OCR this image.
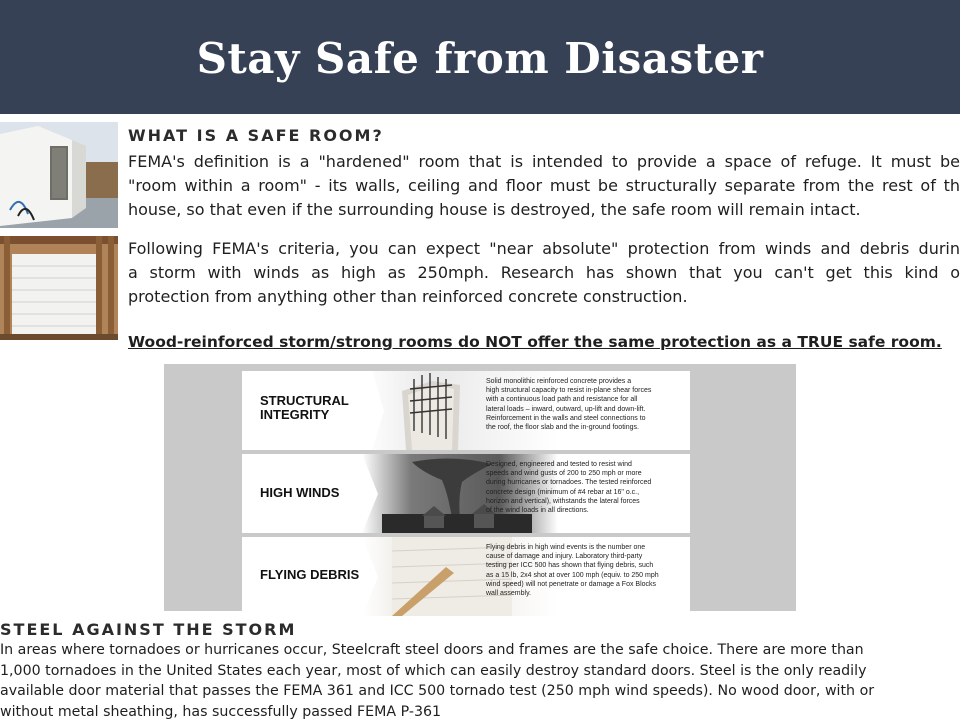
Stay Safe from Disaster
WHAT IS A SAFE ROOM?
FEMA's definition is a "hardened" room that is intended to provide a space of refuge. It must be
"room within a room" - its walls, ceiling and floor must be structurally separate from the rest of th
house, so that even if the surrounding house is destroyed, the safe room will remain intact.
Following FEMA's criteria, you can expect "near absolute" protection from winds and debris durin
a storm with winds as high as 250mph. Research has shown that you can't get this kind o
protection from anything other than reinforced concrete construction.
Wood-reinforced storm/strong rooms do NOT offer the same protection as a TRUE safe room.
STRUCTURAL
INTEGRITY
Solid monolithic reinforced concrete provides a
high structural capacity to resist in-plane shear forces
with a continuous load path and resistance for all
lateral loads – inward, outward, up-lift and down-lift.
Reinforcement in the walls and steel connections to
the roof, the floor slab and the in-ground footings.
HIGH WINDS
Designed, engineered and tested to resist wind
speeds and wind gusts of 200 to 250 mph or more
during hurricanes or tornadoes. The tested reinforced
concrete design (minimum of #4 rebar at 16" o.c.,
horizon and vertical), withstands the lateral forces
of the wind loads in all directions.
FLYING DEBRIS
Flying debris in high wind events is the number one
cause of damage and injury. Laboratory third-party
testing per ICC 500 has shown that flying debris, such
as a 15 lb, 2x4 shot at over 100 mph (equiv. to 250 mph
wind speed) will not penetrate or damage a Fox Blocks
wall assembly.
STEEL AGAINST THE STORM
In areas where tornadoes or hurricanes occur, Steelcraft steel doors and frames are the safe choice. There are more than
1,000 tornadoes in the United States each year, most of which can easily destroy standard doors. Steel is the only readily
available door material that passes the FEMA 361 and ICC 500 tornado test (250 mph wind speeds). No wood door, with or
without metal sheathing, has successfully passed FEMA P-361
